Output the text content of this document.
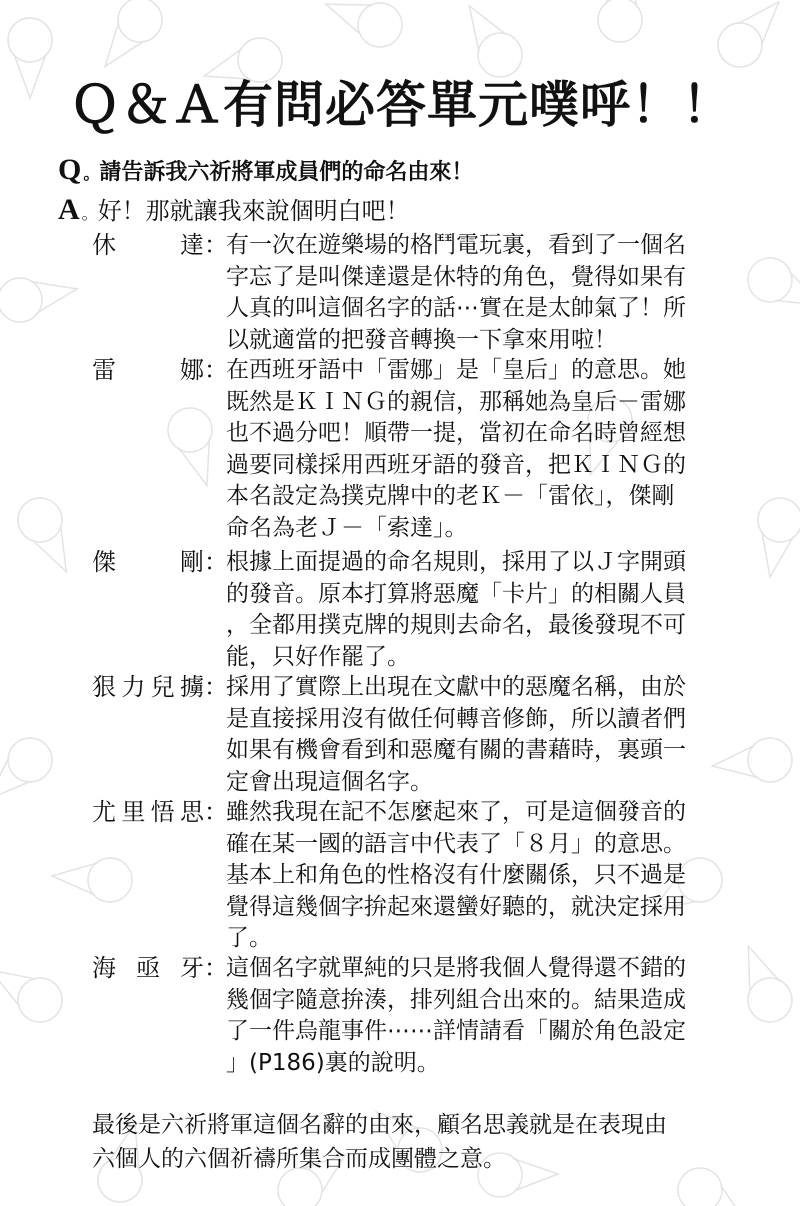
Ｑ＆Ａ有問必答單元噗呼！！
Q 。請告訴我六祈將軍成員們的命名由來！
A 。好！那就讓我來說個明白吧！
休	達 ：
有一次在遊樂場的格鬥電玩裏，看到了一個名
字忘了是叫傑達還是休特的角色，覺得如果有
人真的叫這個名字的話⋯實在是太帥氣了！所
以就適當的把發音轉換一下拿來用啦！
雷	娜 ：
在西班牙語中「雷娜」是「皇后」的意思。她
既然是ＫＩＮＧ的親信，那稱她為皇后－雷娜
也不過分吧！順帶一提，當初在命名時曾經想
過要同樣採用西班牙語的發音，把ＫＩＮＧ的
本名設定為撲克牌中的老Ｋ－「雷依」，傑剛
命名為老Ｊ－「索達」。
傑	剛 ：
根據上面提過的命名規則，採用了以Ｊ字開頭
的發音。原本打算將惡魔「卡片」的相關人員
，全都用撲克牌的規則去命名，最後發現不可
能，只好作罷了。
狠 力 兒 擄 ：
採用了實際上出現在文獻中的惡魔名稱，由於
是直接採用沒有做任何轉音修飾，所以讀者們
如果有機會看到和惡魔有關的書藉時，裏頭一
定會出現這個名字。
尤 里 悟 思 ：
雖然我現在記不怎麼起來了，可是這個發音的
確在某一國的語言中代表了「８月」的意思。
基本上和角色的性格沒有什麼關係，只不過是
覺得這幾個字拚起來還蠻好聽的，就決定採用
了。
海 亟 牙 ：
這個名字就單純的只是將我個人覺得還不錯的
幾個字隨意拚湊，排列組合出來的。結果造成
了一件烏龍事件⋯⋯詳情請看「關於角色設定
」(P186)裏的說明。
最後是六祈將軍這個名辭的由來，顧名思義就是在表現由
六個人的六個祈禱所集合而成團體之意。
